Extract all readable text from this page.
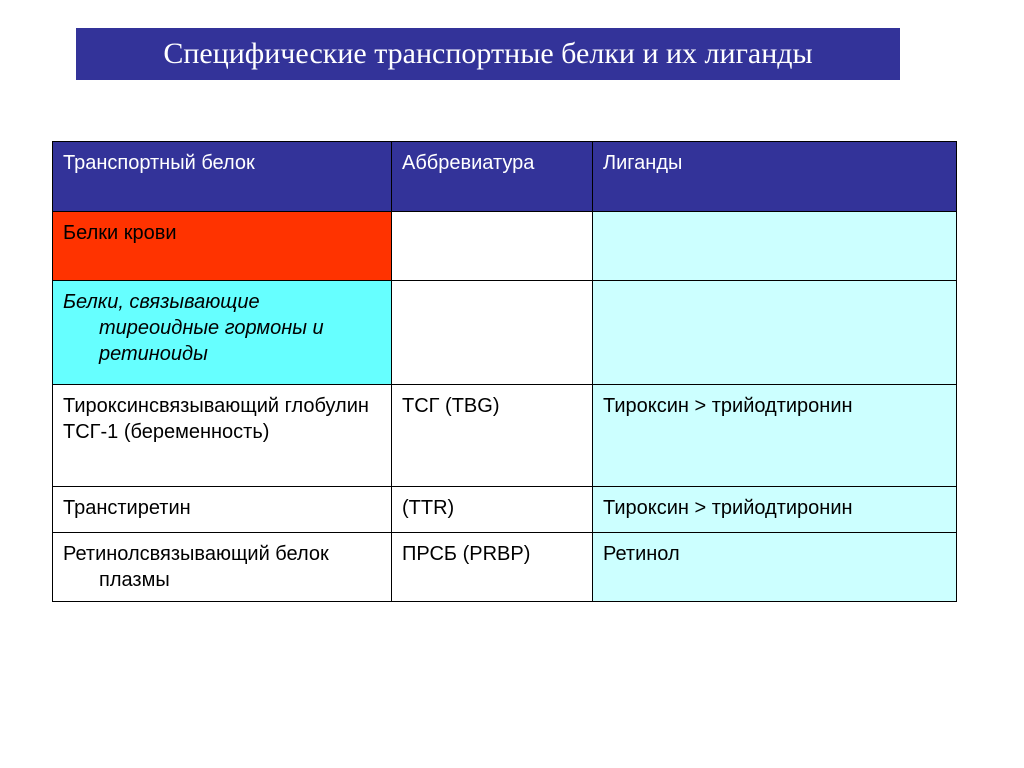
Специфические транспортные белки и их лиганды
Транспортный белок	Аббревиатура	Лиганды
Белки крови		

Белки, связывающие тиреоидные гормоны и ретиноиды		

Тироксинсвязывающий глобулин
ТСГ-1 (беременность)	ТСГ (TBG)	Тироксин > трийодтиронин
Транстиретин	(TTR)	Тироксин > трийодтиронин

Ретинолсвязывающий белок плазмы	ПРСБ (PRBP)	Ретинол
